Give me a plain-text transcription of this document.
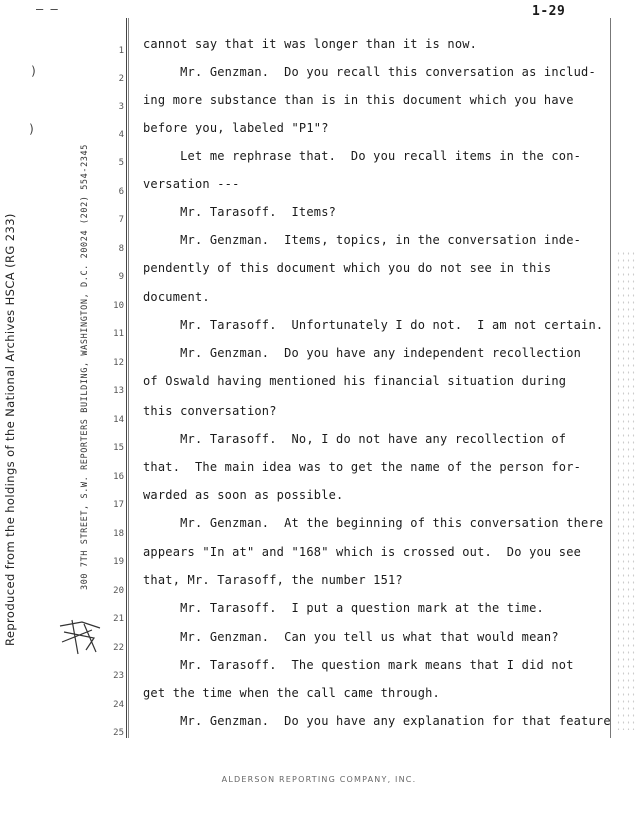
— —	1-29
Reproduced from the holdings of the National Archives HSCA (RG 233)	300 7TH STREET, S.W. REPORTERS BUILDING, WASHINGTON, D.C. 20024 (202) 554-2345
)
)
1
2
3
4
5
6
7
8
9
10
11
12
13
14
15
16
17
18
19
20
21
22
23
24
25
cannot say that it was longer than it is now.
Mr. Genzman.  Do you recall this conversation as includ-
ing more substance than is in this document which you have
before you, labeled "P1"?
Let me rephrase that.  Do you recall items in the con-
versation ---
Mr. Tarasoff.  Items?
Mr. Genzman.  Items, topics, in the conversation inde-
pendently of this document which you do not see in this
document.
Mr. Tarasoff.  Unfortunately I do not.  I am not certain.
Mr. Genzman.  Do you have any independent recollection
of Oswald having mentioned his financial situation during
this conversation?
Mr. Tarasoff.  No, I do not have any recollection of
that.  The main idea was to get the name of the person for-
warded as soon as possible.
Mr. Genzman.  At the beginning of this conversation there
appears "In at" and "168" which is crossed out.  Do you see
that, Mr. Tarasoff, the number 151?
Mr. Tarasoff.  I put a question mark at the time.
Mr. Genzman.  Can you tell us what that would mean?
Mr. Tarasoff.  The question mark means that I did not
get the time when the call came through.
Mr. Genzman.  Do you have any explanation for that feature
ALDERSON REPORTING COMPANY, INC.
